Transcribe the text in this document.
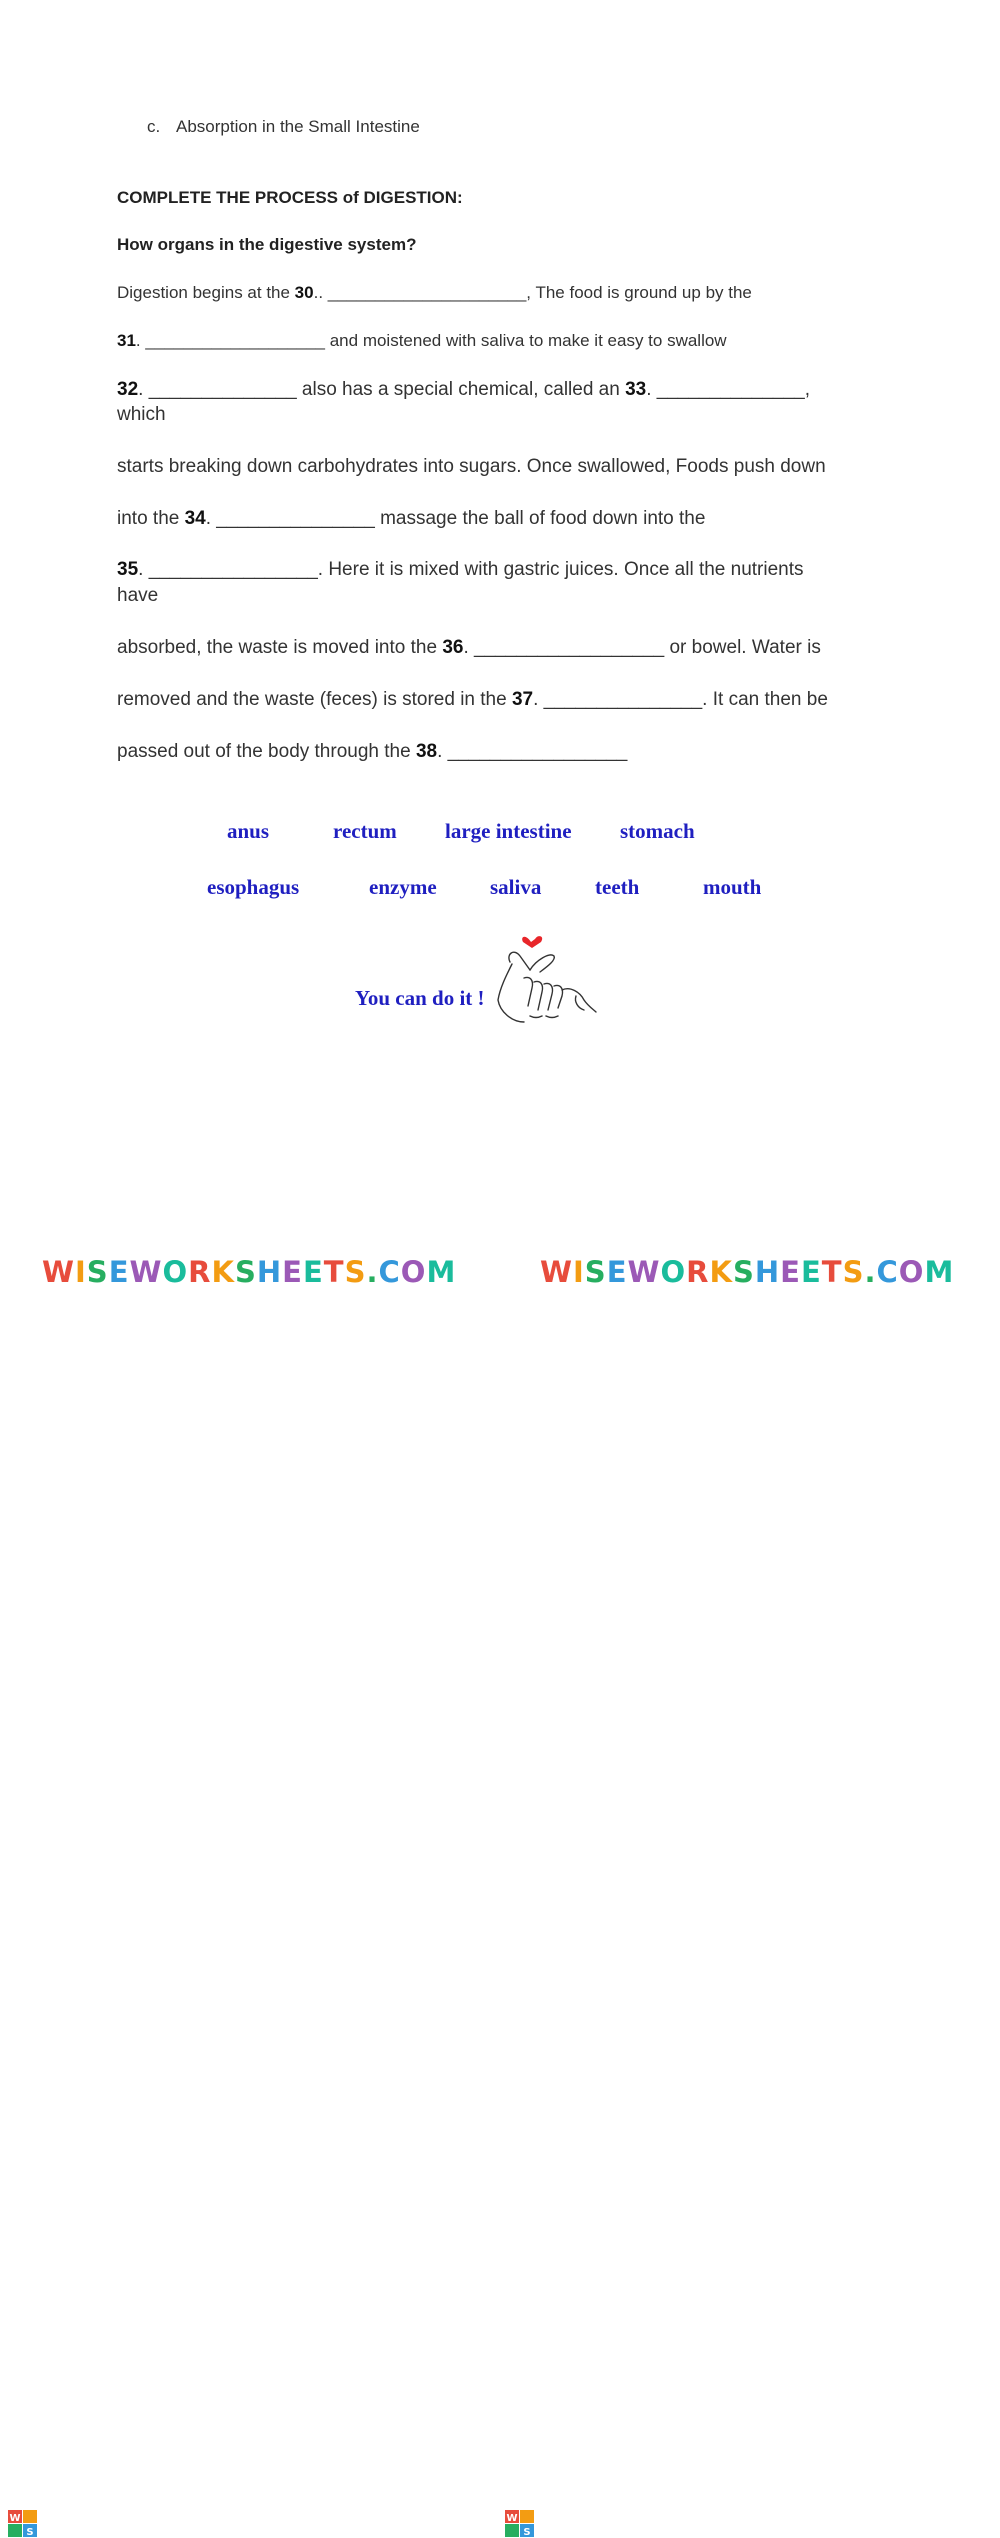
c. Absorption in the Small Intestine
COMPLETE THE PROCESS of DIGESTION:
How organs in the digestive system?
Digestion begins at the 30.. _____________________, The food is ground up by the
31. ___________________ and moistened with saliva to make it easy to swallow
32. ______________ also has a special chemical, called an 33. ______________,
which
starts breaking down carbohydrates into sugars. Once swallowed, Foods push down
into the 34. _______________ massage the ball of food down into the
35. ________________. Here it is mixed with gastric juices. Once all the nutrients
have
absorbed, the waste is moved into the 36. __________________ or bowel. Water is
removed and the waste (feces) is stored in the 37. _______________. It can then be
passed out of the body through the 38. _________________
anus	rectum large intestine stomach
esophagus	enzyme	saliva	teeth	mouth
You can do it !
W
S
WISEWORKSHEETS.COM
W
S
WISEWORKSHEETS.COM
